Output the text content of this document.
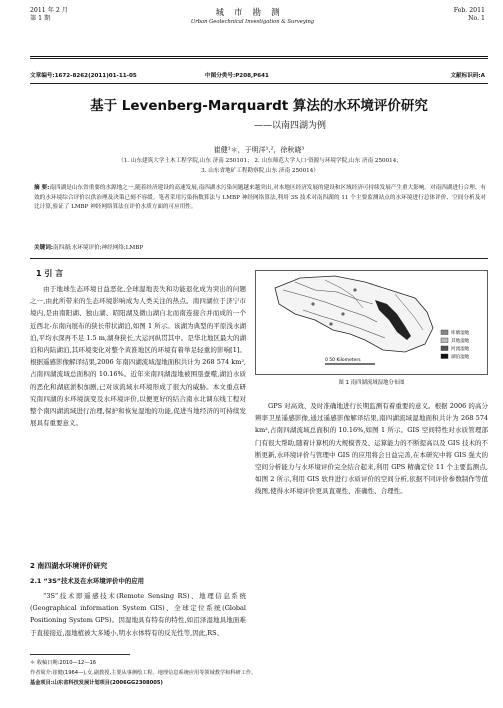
2011 年 2 月
第 1 期
城市勘测
Urban Geotechnical Investigation & Surveying
Feb. 2011
No. 1
文章编号:1672-8262(2011)01-11-05	中图分类号:P208,P641	文献标识码:A
基于 Levenberg-Marquardt 算法的水环境评价研究
——以南四湖为例
崔健¹＊，于明洋¹,²，徐秋晓³
（1. 山东建筑大学土木工程学院,山东 济南 250101； 2. 山东师范大学人口·资源与环境学院,山东 济南 250014；
3. 山东省地矿工程勘察院,山东 济南 250014）
摘 要:南四湖是山东省重要的水源地之一,随着经济建设的高速发展,南四湖水污染问题越来越突出,对本地区经济发展的建设和区域经济可持续发展产生重大影响。对南四湖进行合理、有效的水环境综合评价以供治理及决策已刻不容缓。笔者采用污染指数算法与 LMBP 神经网络算法,利用 3S 技术对南四湖的 11 个主要监测站点的水环境进行总体评价、空间分析及对比计算,验证了 LMBP 神经网络算法在评价水质方面的可应用性。
关键词:南四湖;水环境评价;神经网络;LMBP
1 引 言
由于地球生态环境日益恶化,全球湿地丧失和功能退化成为突出的问题之一,由此所带来的生态环境影响成为人类关注的热点。南四湖位于济宁市境内,是由南阳湖、独山湖、昭阳湖及微山湖自北而南连接合并而成的一个近西北-东南向展布的狭长带状湖泊,如图 1 所示。该湖为典型的平原浅水湖泊,平均水深再不足 1.5 m,湖身狭长,大运河纵贯其中。是华北地区最大的湖泊和内陆湖泊,其环境变化对整个黄淮地区的环境有着举足轻重的影响[1]。根据遥感影像解译结果,2006 年南四湖流域湿地面积共计为 268 574 km²,占南四湖流域总面积的 10.16%。近年来南四湖湿地被围垦蚕噬,湖泊水质的恶化和湖底淤积加剧,已对该流域水环境形成了很大的威胁。本文重点研究南四湖的水环境演变及水环境评价,以便更好的结合南水北调东线工程对整个南四湖流域进行治理,保护和恢复湿地的功能,促进当地经济的可持续发展具有重要意义。
2 南四湖水环境评价研究
2.1 “3S”技术及在水环境评价中的应用
“3S”技术即遥感技术(Remote Sensing RS)、地理信息系统(Geographical information System GIS)、全球定位系统(Global Positioning System GPS)。因湿地具有特有的特性,如沼泽湿地具地面难于直接接近,湿地植被大多矮小,明水水体特有的反光性等,因此,RS、
0 50 Kilometers
库塘湿地
其他湿地
河流湿地
湖泊湿地
图 1 南四湖流域湿地分布图
GPS 对高效、及时准确地进行长期监测有着重要的意义。根据 2006 的高分辨率卫星遥感影像,通过遥感影像解译结果,南四湖流域湿地面积共计为 268 574 km²,占南四湖流域总面积的 10.16%,如图 1 所示。GIS 空间特性对水质管理部门有很大帮助,随着计算机的大规模普及、运算能力的不断提高以及 GIS 技术的不断更新,水环境评价与管理中 GIS 的应用将会日益完善,在本研究中将 GIS 强大的空间分析能力与水环境评价完全结合起来,利用 GPS 精确定位 11 个主要监测点,如图 2 所示,利用 GIS 软件进行水质评价的空间分析,依据不同评价参数制作等值线图,使得水环境评价更具直观性、准确性、合理性。
＊ 收稿日期:2010—12—16
作者简介:崔健(1964—),女,副教授,主要从事测绘工程、地理信息系统应用等领域教学和科研工作。
基金项目:山东省科技发展计划项目(2006GG2308005)
